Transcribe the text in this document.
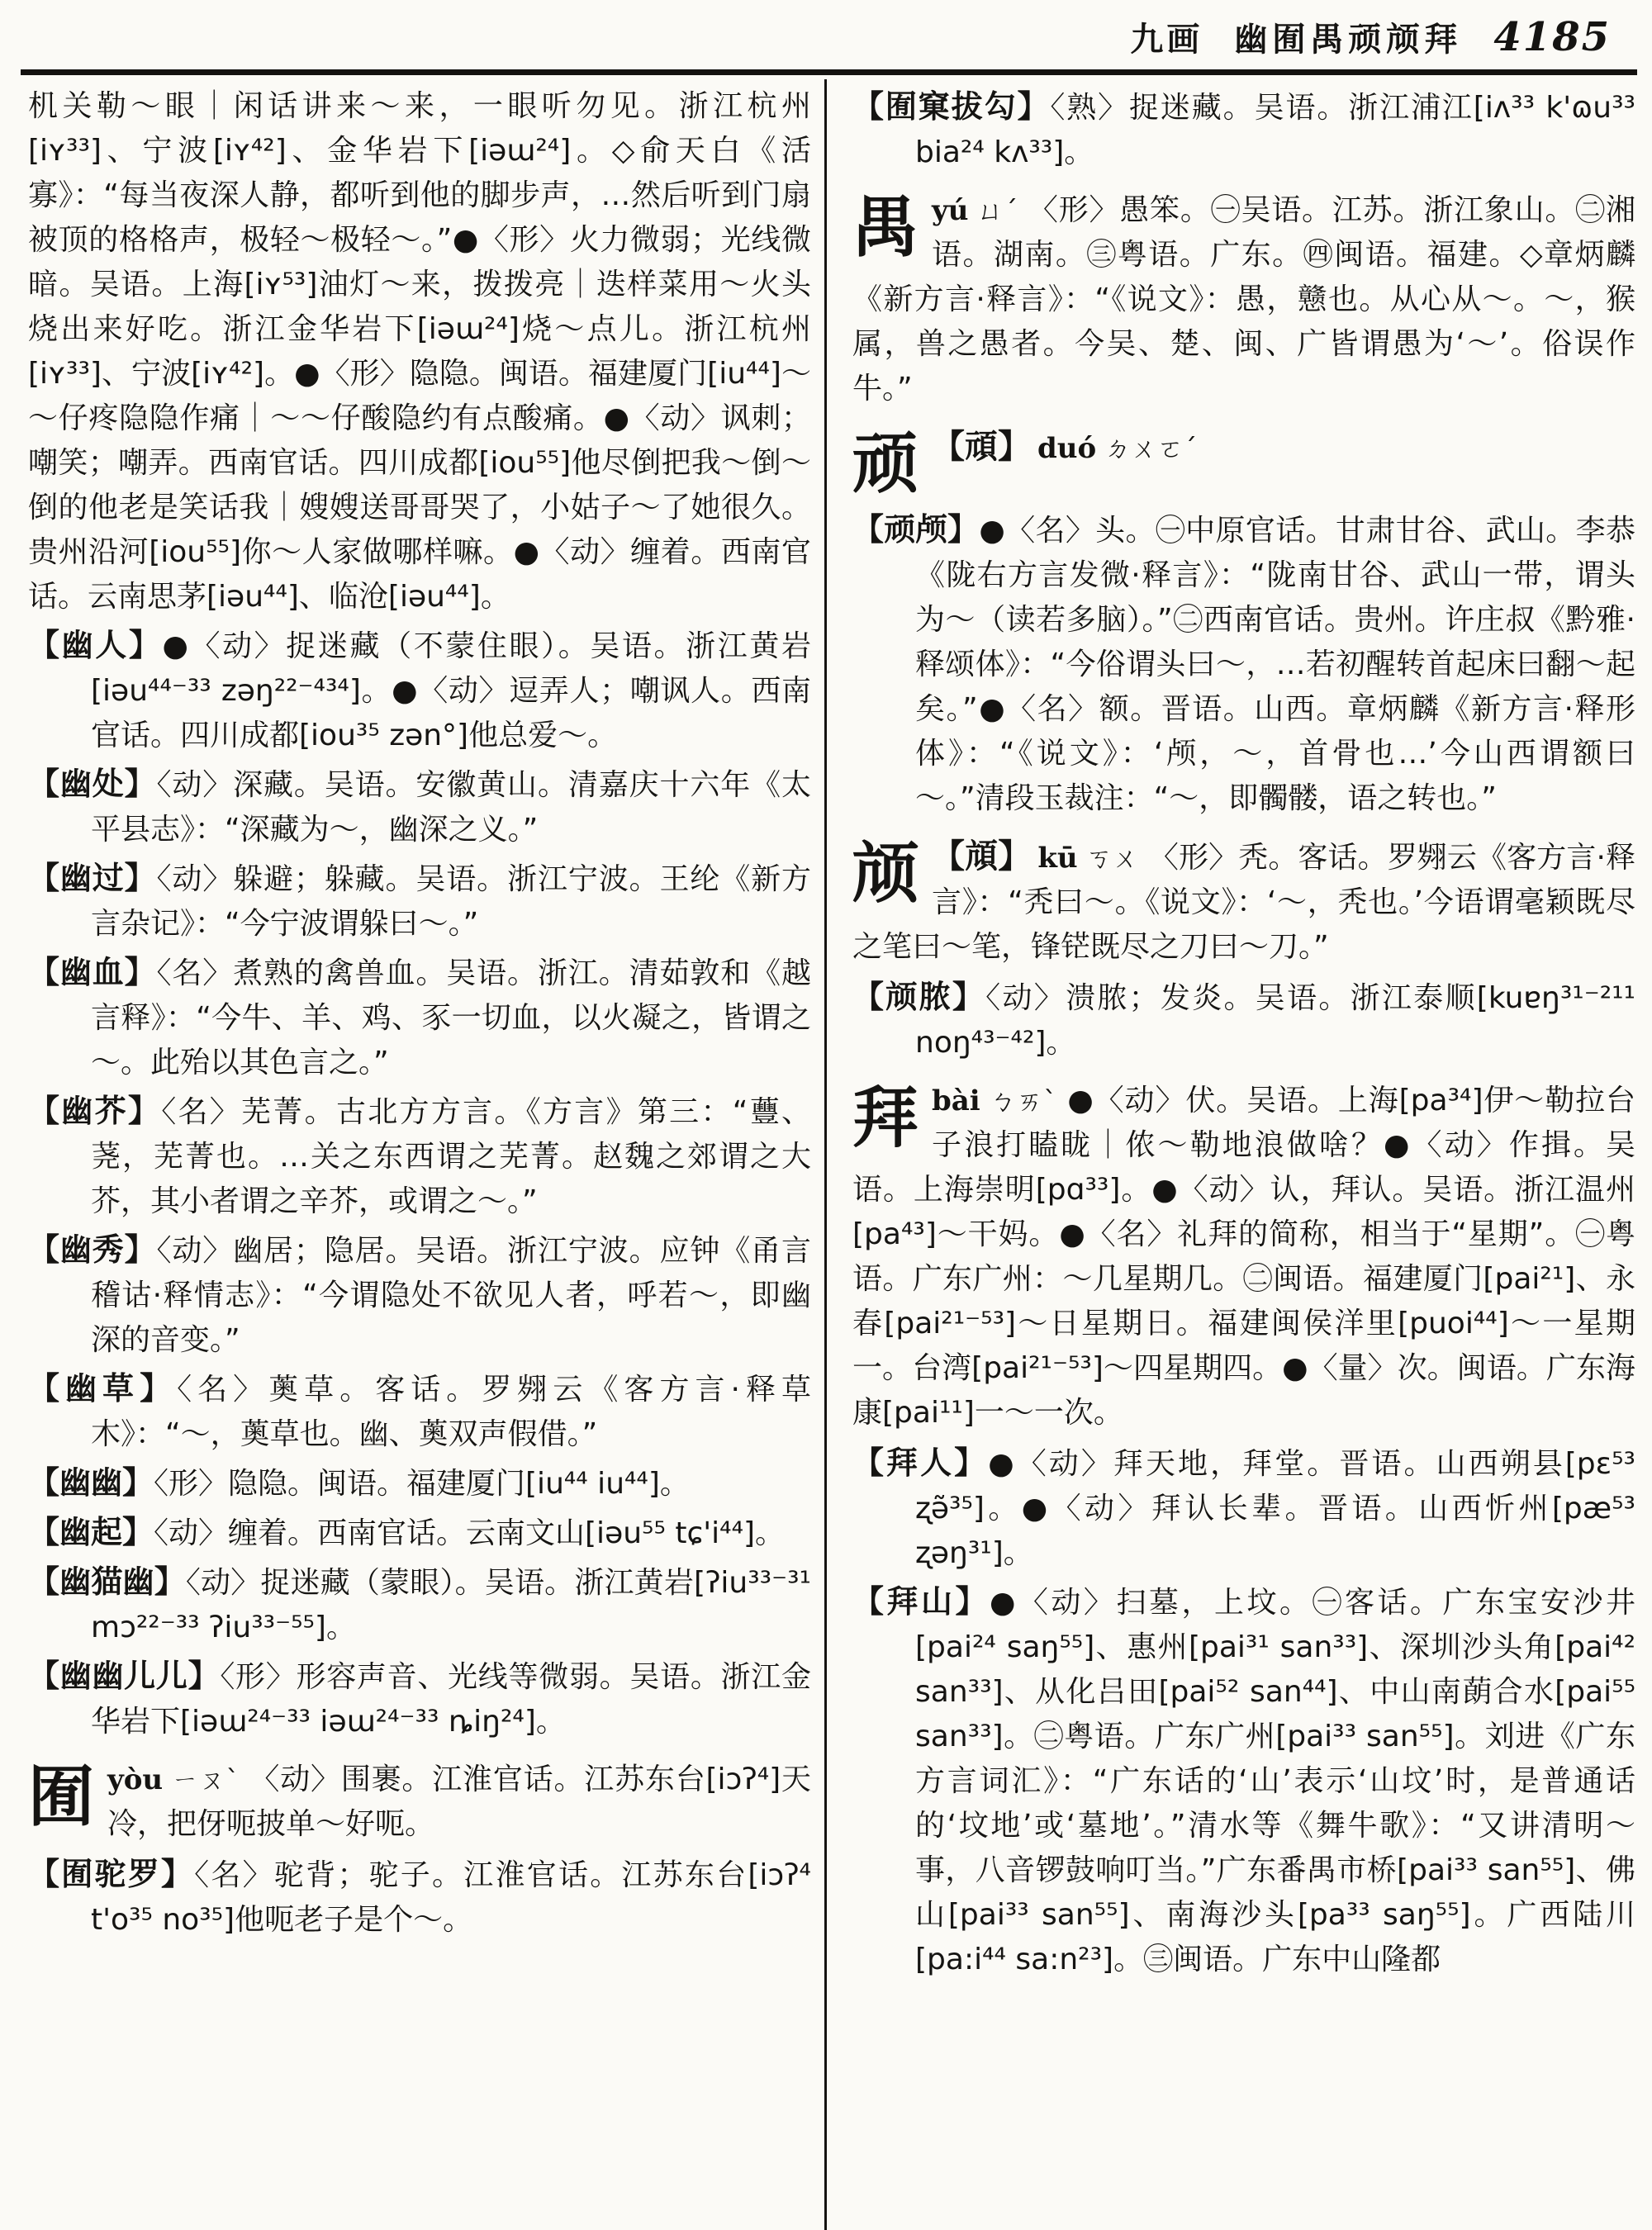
九画 幽囿禺顽颃拜 4185

机关勒～眼｜闲话讲来～来，一眼听勿见。浙江杭州[iʏ³³]、宁波[iʏ⁴²]、金华岩下[iəɯ²⁴]。◇俞天白《活寡》：“每当夜深人静，都听到他的脚步声，…然后听到门扇被顶的格格声，极轻～极轻～。”●〈形〉火力微弱；光线微暗。吴语。上海[iʏ⁵³]油灯～来，拨拨亮｜迭样菜用～火头烧出来好吃。浙江金华岩下[iəɯ²⁴]烧～点儿。浙江杭州[iʏ³³]、宁波[iʏ⁴²]。●〈形〉隐隐。闽语。福建厦门[iu⁴⁴]～～仔疼隐隐作痛｜～～仔酸隐约有点酸痛。●〈动〉讽刺；嘲笑；嘲弄。西南官话。四川成都[iou⁵⁵]他尽倒把我～倒～倒的他老是笑话我｜嫂嫂送哥哥哭了，小姑子～了她很久。贵州沿河[iou⁵⁵]你～人家做哪样嘛。●〈动〉缠着。西南官话。云南思茅[iəu⁴⁴]、临沧[iəu⁴⁴]。

【幽人】●〈动〉捉迷藏（不蒙住眼）。吴语。浙江黄岩[iəu⁴⁴⁻³³ zəŋ²²⁻⁴³⁴]。●〈动〉逗弄人；嘲讽人。西南官话。四川成都[iou³⁵ zən°]他总爱～。

【幽处】〈动〉深藏。吴语。安徽黄山。清嘉庆十六年《太平县志》：“深藏为～，幽深之义。”

【幽过】〈动〉躲避；躲藏。吴语。浙江宁波。王纶《新方言杂记》：“今宁波谓躲曰～。”

【幽血】〈名〉煮熟的禽兽血。吴语。浙江。清茹敦和《越言释》：“今牛、羊、鸡、豕一切血，以火凝之，皆谓之～。此殆以其色言之。”

【幽芥】〈名〉芜菁。古北方方言。《方言》第三：“蘴、荛，芜菁也。…关之东西谓之芜菁。赵魏之郊谓之大芥，其小者谓之辛芥，或谓之～。”

【幽秀】〈动〉幽居；隐居。吴语。浙江宁波。应钟《甬言稽诂·释情志》：“今谓隐处不欲见人者，呼若～，即幽深的音变。”

【幽草】〈名〉薁草。客话。罗翙云《客方言·释草木》：“～，薁草也。幽、薁双声假借。”

【幽幽】〈形〉隐隐。闽语。福建厦门[iu⁴⁴ iu⁴⁴]。

【幽起】〈动〉缠着。西南官话。云南文山[iəu⁵⁵ tɕ'i⁴⁴]。

【幽猫幽】〈动〉捉迷藏（蒙眼）。吴语。浙江黄岩[ʔiu³³⁻³¹ mɔ²²⁻³³ ʔiu³³⁻⁵⁵]。

【幽幽儿儿】〈形〉形容声音、光线等微弱。吴语。浙江金华岩下[iəɯ²⁴⁻³³ iəɯ²⁴⁻³³ ȵiŋ²⁴]。

囿yòu ㄧㄡˋ 〈动〉围裹。江淮官话。江苏东台[iɔʔ⁴]天冷，把伢呃披单～好呃。

【囿驼罗】〈名〉驼背；驼子。江淮官话。江苏东台[iɔʔ⁴ t'o³⁵ no³⁵]他呃老子是个～。

【囿窠拔勾】〈熟〉捉迷藏。吴语。浙江浦江[iʌ³³ k'ɷu³³ bia²⁴ kʌ³³]。

禺yú ㄩˊ 〈形〉愚笨。㊀吴语。江苏。浙江象山。㊁湘语。湖南。㊂粤语。广东。㊃闽语。福建。◇章炳麟《新方言·释言》：“《说文》：愚，戆也。从心从～。～，猴属，兽之愚者。今吴、楚、闽、广皆谓愚为‘～’。俗误作牛。”

顽 【頑】 duó ㄉㄨㄛˊ

【顽颅】●〈名〉头。㊀中原官话。甘肃甘谷、武山。李恭《陇右方言发微·释言》：“陇南甘谷、武山一带，谓头为～（读若多脑）。”㊁西南官话。贵州。许庄叔《黔雅·释颂体》：“今俗谓头曰～，…若初醒转首起床曰翻～起矣。”●〈名〉额。晋语。山西。章炳麟《新方言·释形体》：“《说文》：‘颅，～，首骨也…’今山西谓额曰～。”清段玉裁注：“～，即髑髅，语之转也。”

颃 【頏】 kū ㄎㄨ 〈形〉秃。客话。罗翙云《客方言·释言》：“秃曰～。《说文》：‘～，秃也。’今语谓毫颖既尽之笔曰～笔，锋铓既尽之刀曰～刀。”

【颃脓】〈动〉溃脓；发炎。吴语。浙江泰顺[kuɐŋ³¹⁻²¹¹ noŋ⁴³⁻⁴²]。

拜bài ㄅㄞˋ ●〈动〉伏。吴语。上海[pa³⁴]伊～勒拉台子浪打瞌眬｜侬～勒地浪做啥？●〈动〉作揖。吴语。上海崇明[pɑ³³]。●〈动〉认，拜认。吴语。浙江温州[pa⁴³]～干妈。●〈名〉礼拜的简称，相当于“星期”。㊀粤语。广东广州：～几星期几。㊁闽语。福建厦门[pai²¹]、永春[pai²¹⁻⁵³]～日星期日。福建闽侯洋里[puoi⁴⁴]～一星期一。台湾[pai²¹⁻⁵³]～四星期四。●〈量〉次。闽语。广东海康[pai¹¹]一～一次。

【拜人】●〈动〉拜天地，拜堂。晋语。山西朔县[pɛ⁵³ ʐə̃³⁵]。●〈动〉拜认长辈。晋语。山西忻州[pæ⁵³ ʐəŋ³¹]。

【拜山】●〈动〉扫墓，上坟。㊀客话。广东宝安沙井[pai²⁴ saŋ⁵⁵]、惠州[pai³¹ san³³]、深圳沙头角[pai⁴² san³³]、从化吕田[pai⁵² san⁴⁴]、中山南蓢合水[pai⁵⁵ san³³]。㊁粤语。广东广州[pai³³ san⁵⁵]。刘进《广东方言词汇》：“广东话的‘山’表示‘山坟’时，是普通话的‘坟地’或‘墓地’。”清水等《舞牛歌》：“又讲清明～事，八音锣鼓响叮当。”广东番禺市桥[pai³³ san⁵⁵]、佛山[pai³³ san⁵⁵]、南海沙头[pa³³ saŋ⁵⁵]。广西陆川[pa:i⁴⁴ sa:n²³]。㊂闽语。广东中山隆都
